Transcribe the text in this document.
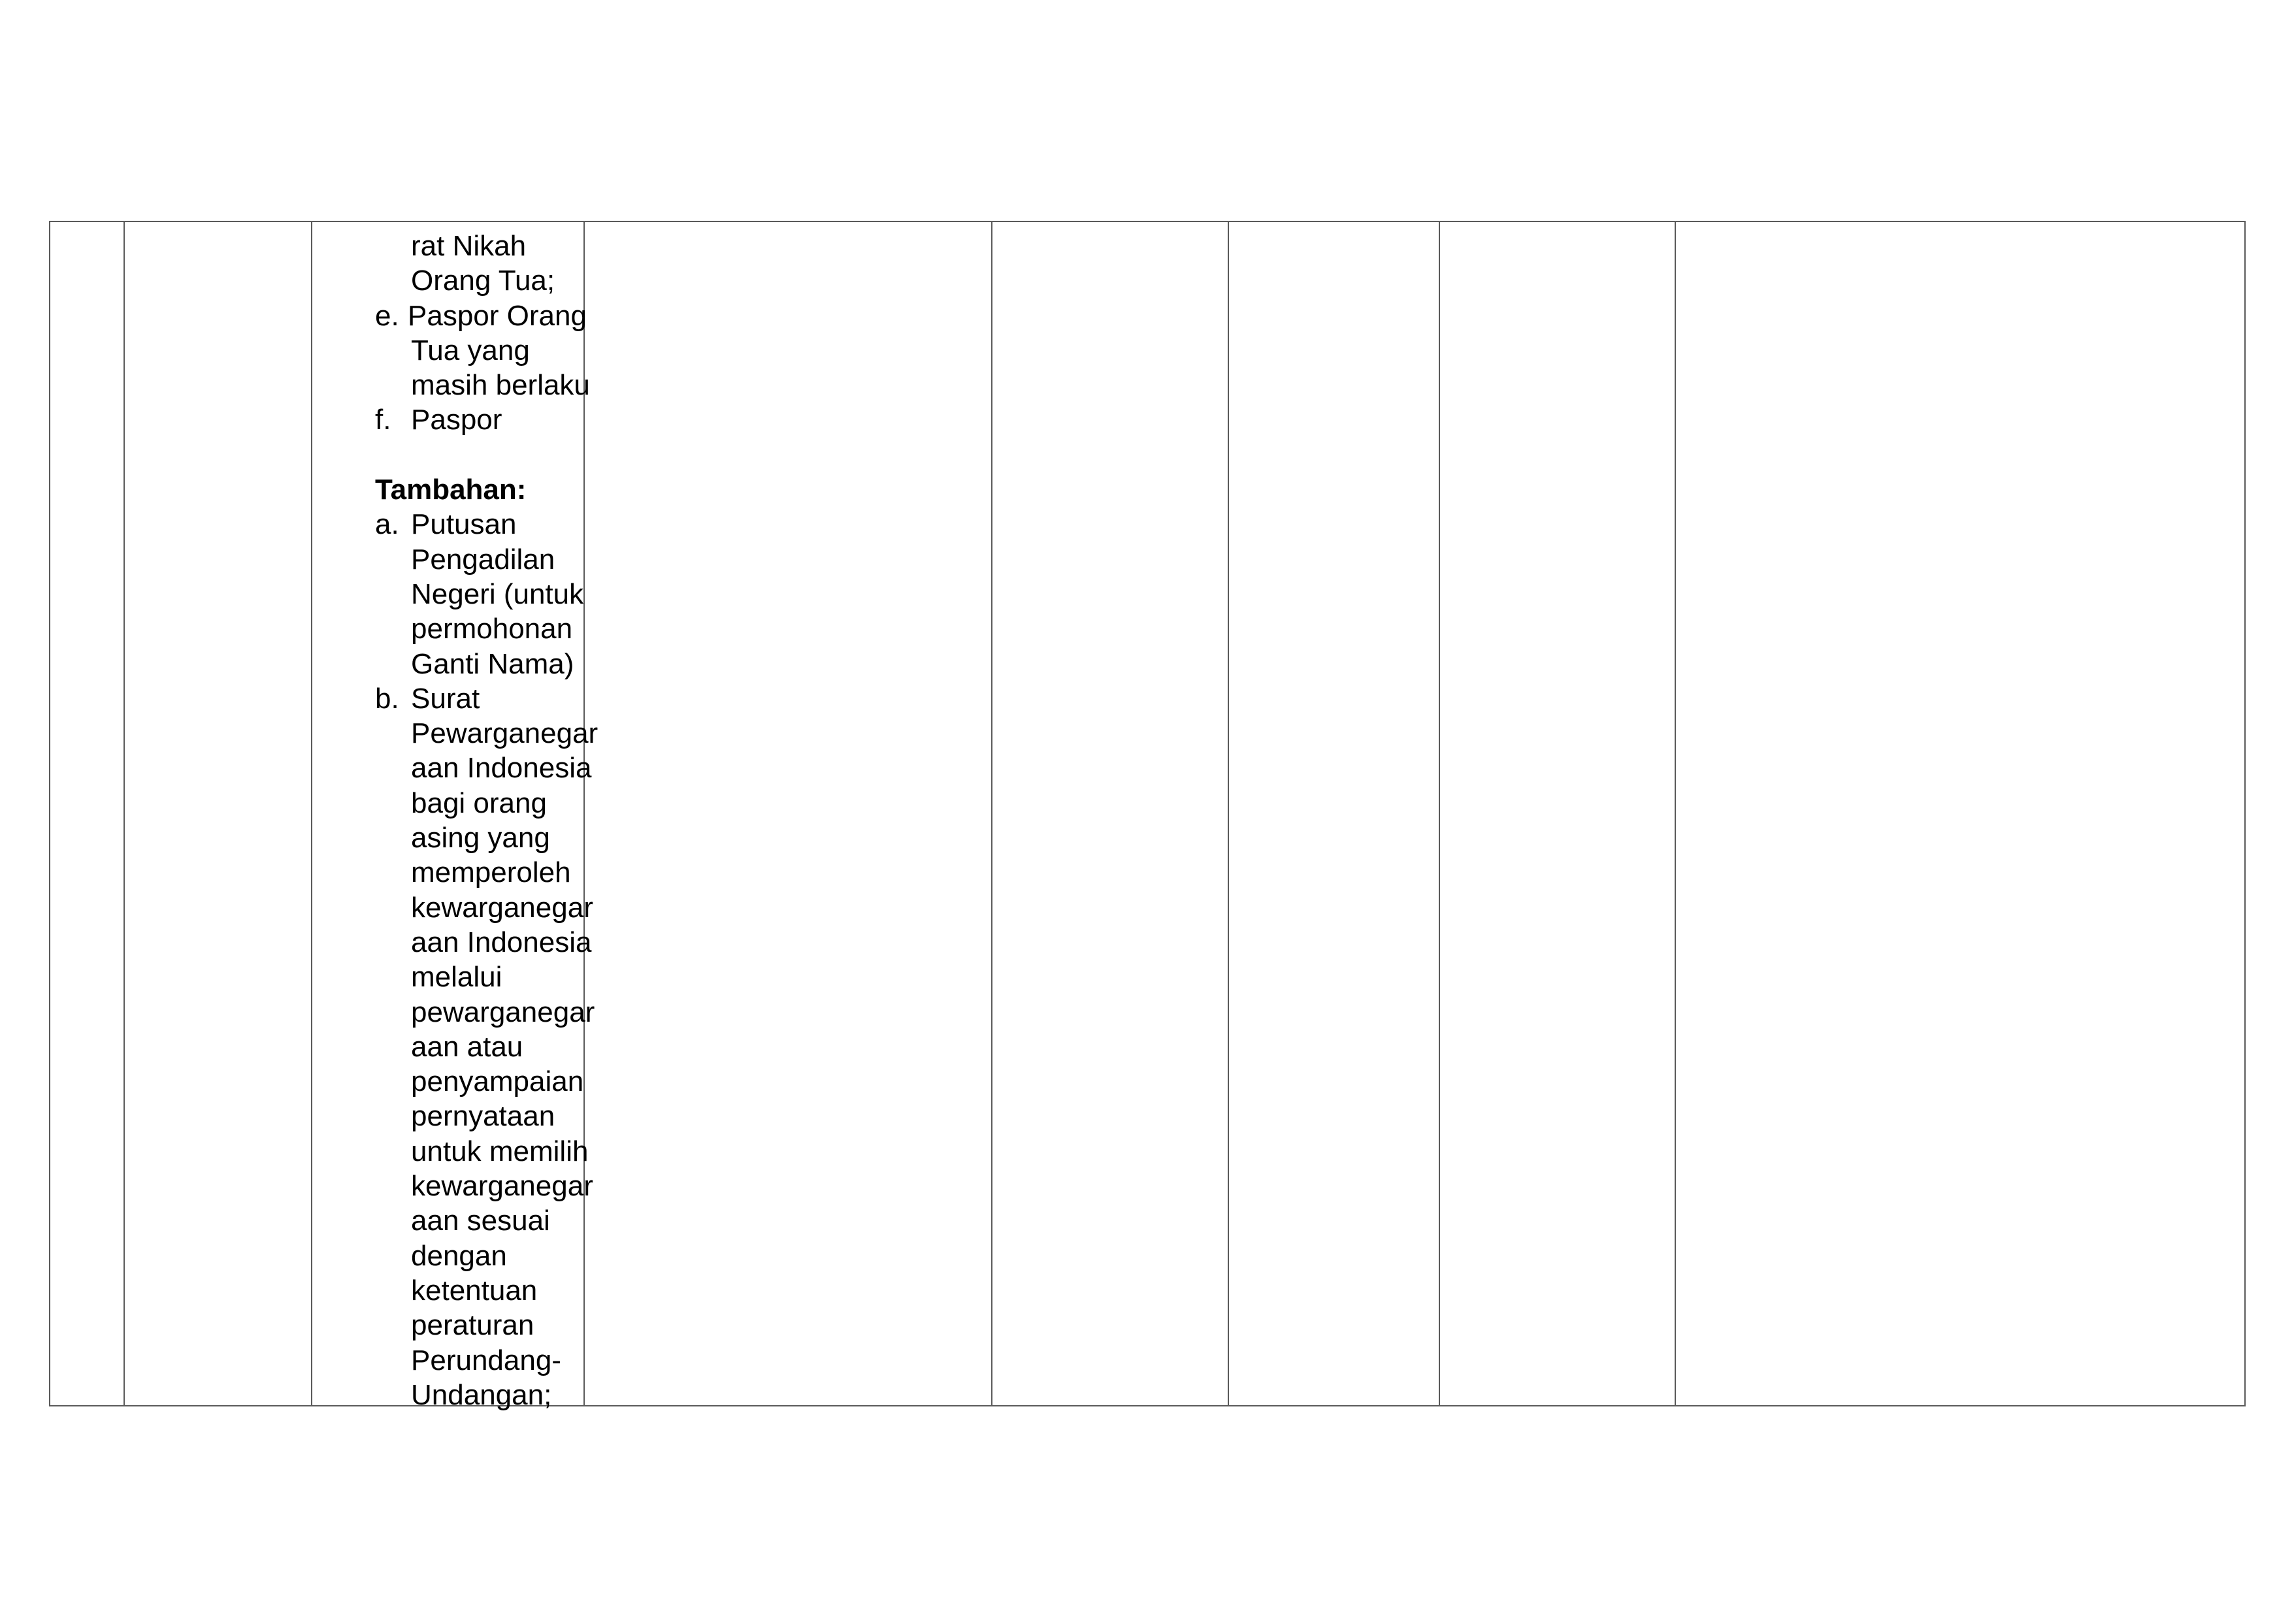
rat Nikah
Orang Tua;
e. Paspor Orang
Tua yang
masih berlaku
f. Paspor
Tambahan:
a. Putusan
Pengadilan
Negeri (untuk
permohonan
Ganti Nama)
b. Surat
Pewarganegar
aan Indonesia
bagi orang
asing yang
memperoleh
kewarganegar
aan Indonesia
melalui
pewarganegar
aan atau
penyampaian
pernyataan
untuk memilih
kewarganegar
aan sesuai
dengan
ketentuan
peraturan
Perundang-
Undangan;
